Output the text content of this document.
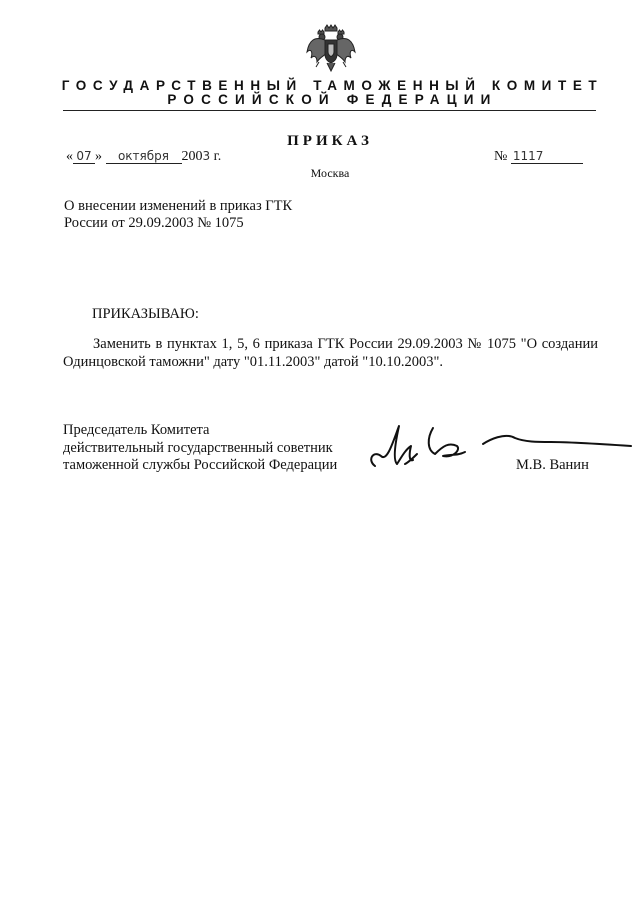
ГОСУДАРСТВЕННЫЙ ТАМОЖЕННЫЙ КОМИТЕТ
РОССИЙСКОЙ ФЕДЕРАЦИИ
ПРИКАЗ
« 07 » октября 2003 г.	№ 1117
Москва
О внесении изменений в приказ ГТК
России от 29.09.2003 № 1075
ПРИКАЗЫВАЮ:
Заменить в пунктах 1, 5, 6 приказа ГТК России 29.09.2003 № 1075 "О создании Одинцовской таможни" дату "01.11.2003" датой "10.10.2003".
Председатель Комитета
действительный государственный советник
таможенной службы Российской Федерации	М.В. Ванин
